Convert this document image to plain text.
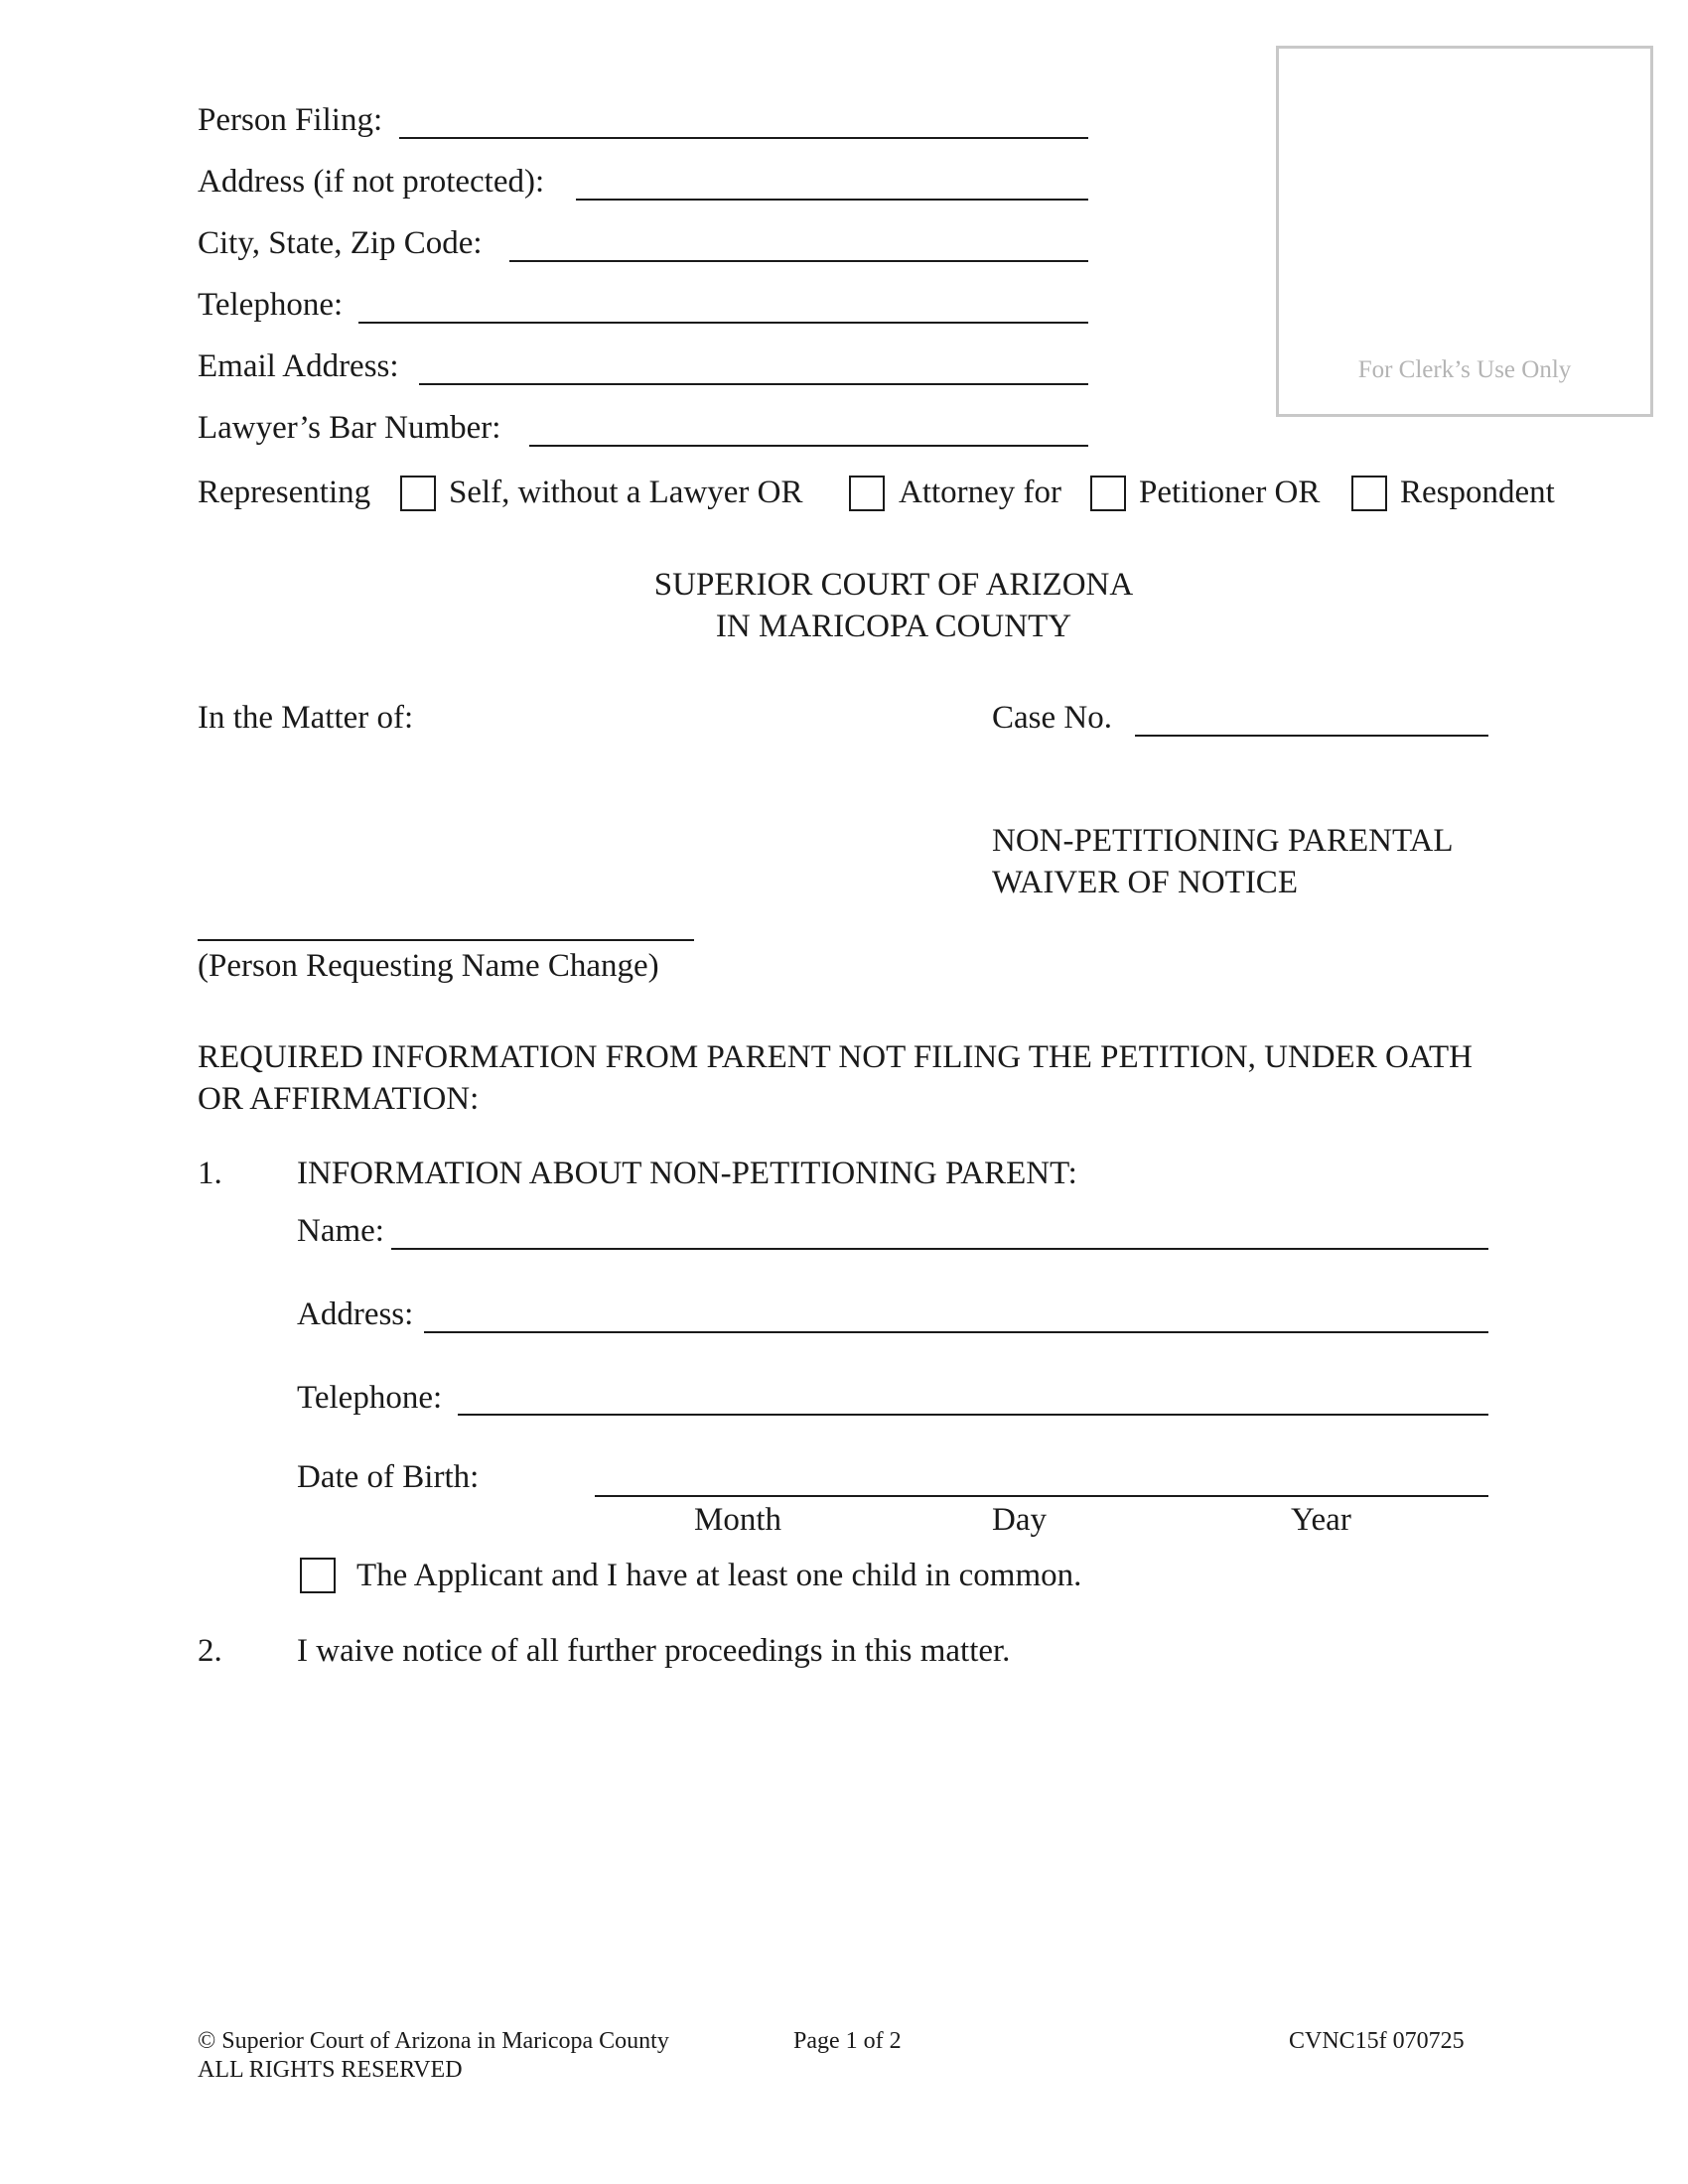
For Clerk’s Use Only
Person Filing:
Address (if not protected):
City, State, Zip Code:
Telephone:
Email Address:
Lawyer’s Bar Number:
Representing Self, without a Lawyer OR	Attorney for Petitioner OR Respondent
SUPERIOR COURT OF ARIZONA
IN MARICOPA COUNTY
In the Matter of:	Case No.
NON-PETITIONING PARENTAL
WAIVER OF NOTICE
(Person Requesting Name Change)
REQUIRED INFORMATION FROM PARENT NOT FILING THE PETITION, UNDER OATH
OR AFFIRMATION:
1. INFORMATION ABOUT NON-PETITIONING PARENT:
Name:
Address:
Telephone:
Date of Birth:
Month	Day	Year
The Applicant and I have at least one child in common.
2. I waive notice of all further proceedings in this matter.
© Superior Court of Arizona in Maricopa County
ALL RIGHTS RESERVED
Page 1 of 2	CVNC15f 070725
